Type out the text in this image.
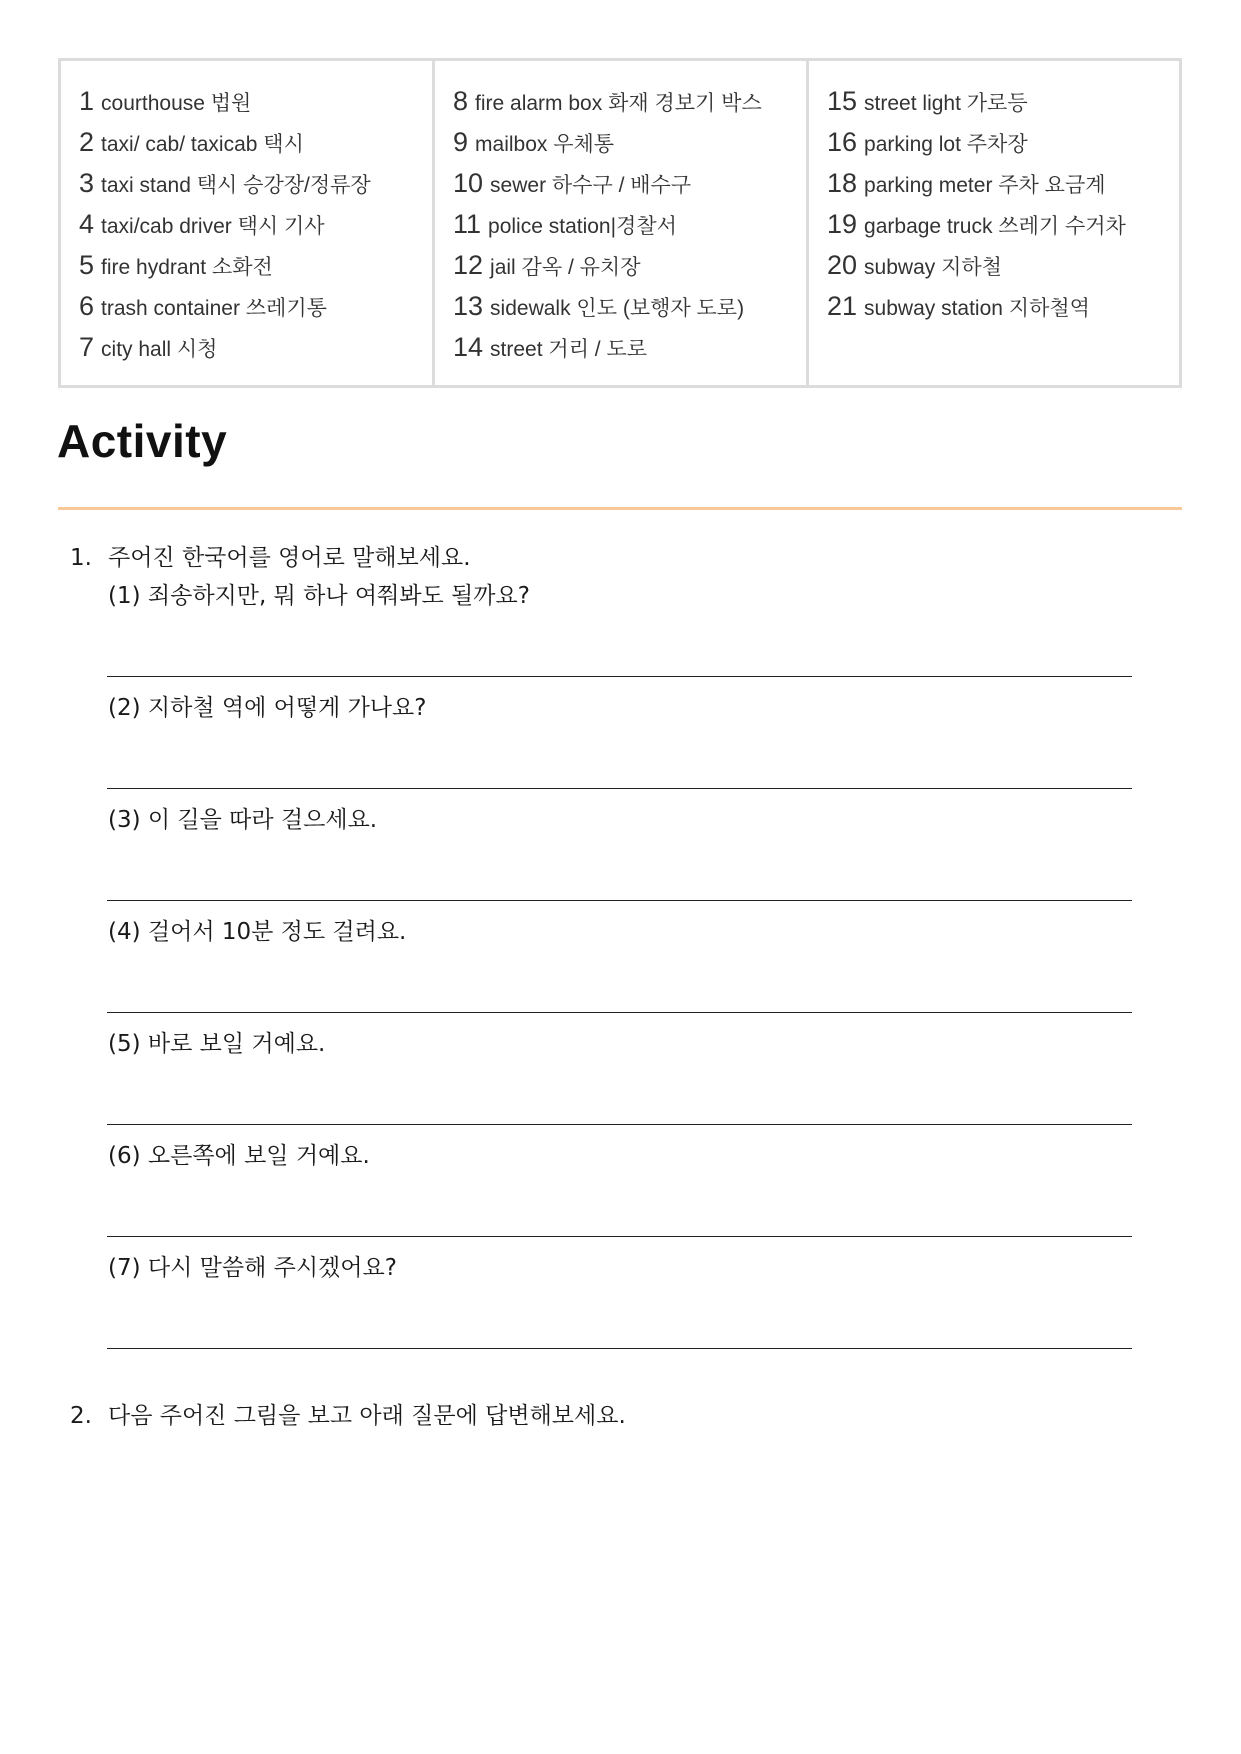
1 courthouse 법원
2 taxi/ cab/ taxicab 택시
3 taxi stand 택시 승강장/정류장
4 taxi/cab driver 택시 기사
5 fire hydrant 소화전
6 trash container 쓰레기통
7 city hall 시청
8 fire alarm box 화재 경보기 박스
9 mailbox 우체통
10 sewer 하수구 / 배수구
11 police station|경찰서
12 jail 감옥 / 유치장
13 sidewalk 인도 (보행자 도로)
14 street 거리 / 도로
15 street light 가로등
16 parking lot 주차장
18 parking meter 주차 요금계
19 garbage truck 쓰레기 수거차
20 subway 지하철
21 subway station 지하철역
Activity
1. 주어진 한국어를 영어로 말해보세요.
(1) 죄송하지만, 뭐 하나 여쭤봐도 될까요?
(2) 지하철 역에 어떻게 가나요?
(3) 이 길을 따라 걸으세요.
(4) 걸어서 10분 정도 걸려요.
(5) 바로 보일 거예요.
(6) 오른쪽에 보일 거예요.
(7) 다시 말씀해 주시겠어요?
2. 다음 주어진 그림을 보고 아래 질문에 답변해보세요.
